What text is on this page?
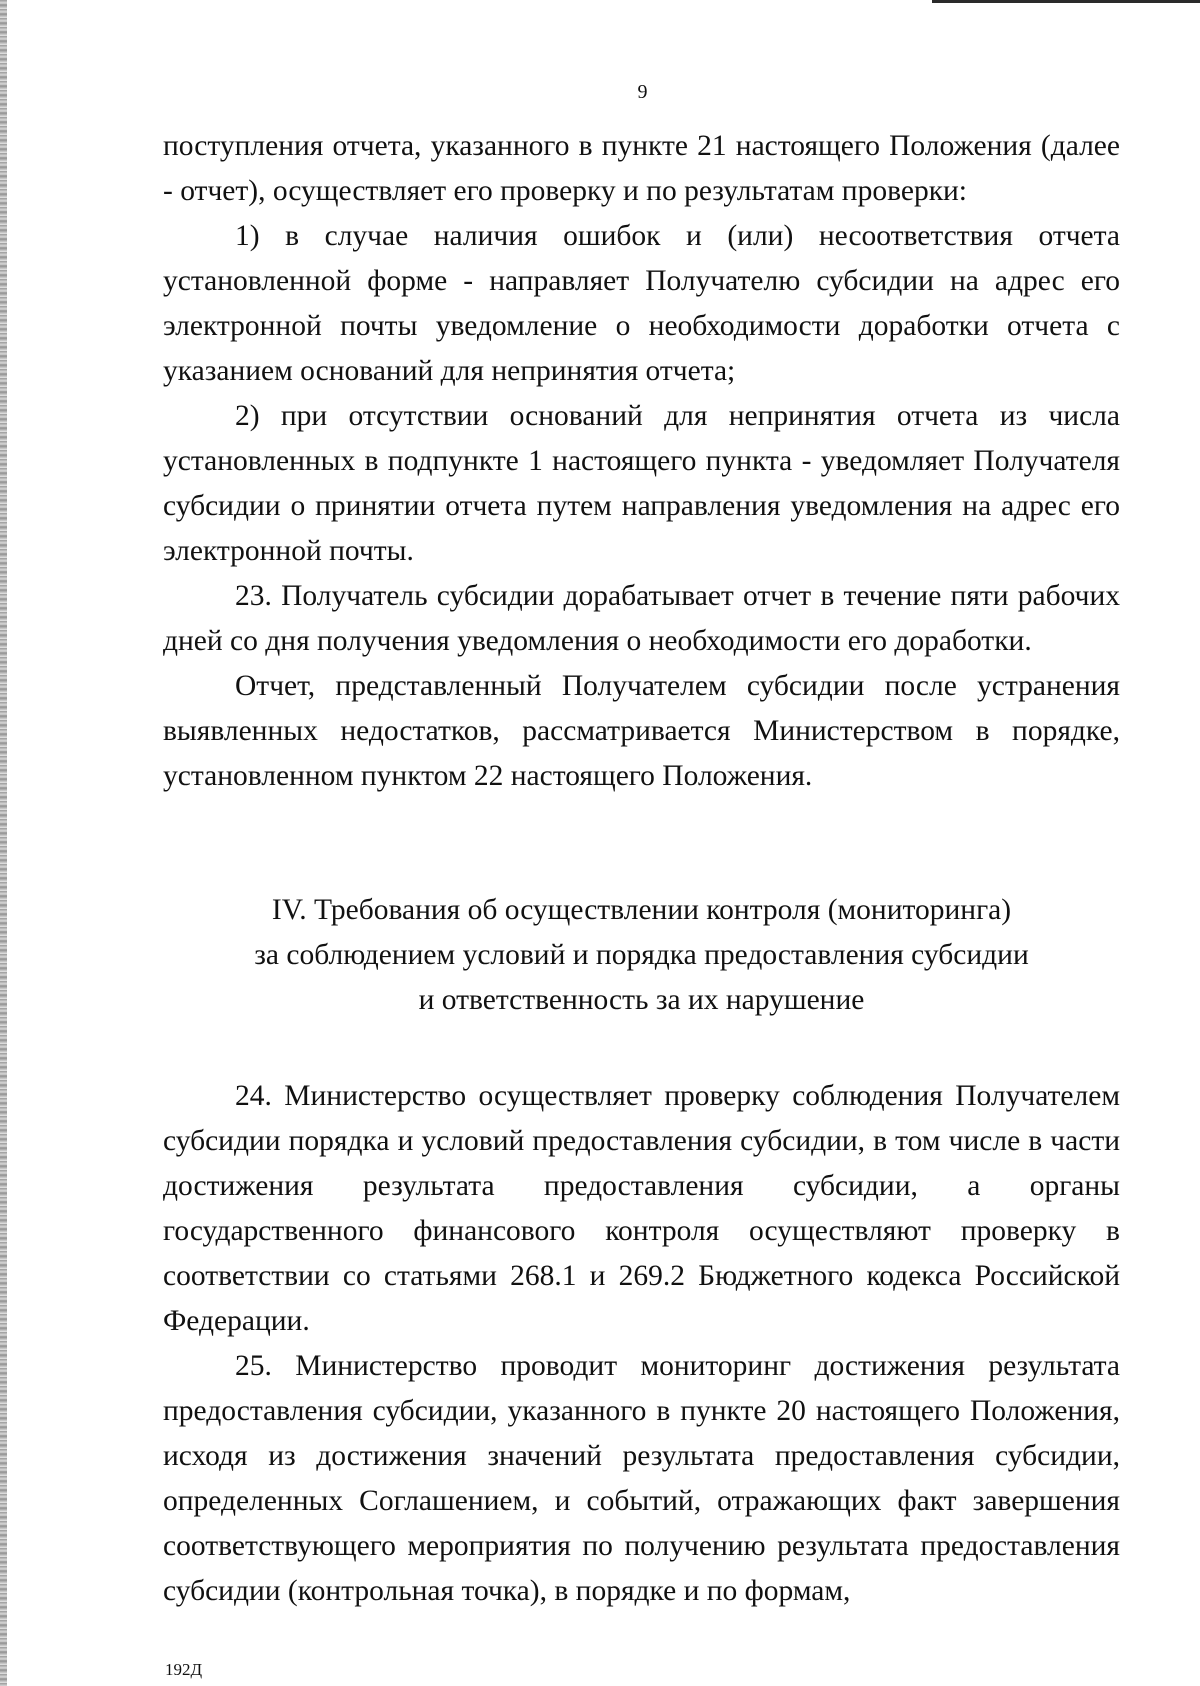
9

поступления отчета, указанного в пункте 21 настоящего Положения (далее - отчет), осуществляет его проверку и по результатам проверки:

1) в случае наличия ошибок и (или) несоответствия отчета установленной форме - направляет Получателю субсидии на адрес его электронной почты уведомление о необходимости доработки отчета с указанием оснований для непринятия отчета;

2) при отсутствии оснований для непринятия отчета из числа установленных в подпункте 1 настоящего пункта - уведомляет Получателя субсидии о принятии отчета путем направления уведомления на адрес его электронной почты.

23. Получатель субсидии дорабатывает отчет в течение пяти рабочих дней со дня получения уведомления о необходимости его доработки.

Отчет, представленный Получателем субсидии после устранения выявленных недостатков, рассматривается Министерством в порядке, установленном пунктом 22 настоящего Положения.

IV. Требования об осуществлении контроля (мониторинга)
за соблюдением условий и порядка предоставления субсидии
и ответственность за их нарушение

24. Министерство осуществляет проверку соблюдения Получателем субсидии порядка и условий предоставления субсидии, в том числе в части достижения результата предоставления субсидии, а органы государственного финансового контроля осуществляют проверку в соответствии со статьями 268.1 и 269.2 Бюджетного кодекса Российской Федерации.

25. Министерство проводит мониторинг достижения результата предоставления субсидии, указанного в пункте 20 настоящего Положения, исходя из достижения значений результата предоставления субсидии, определенных Соглашением, и событий, отражающих факт завершения соответствующего мероприятия по получению результата предоставления субсидии (контрольная точка), в порядке и по формам,

192Д
